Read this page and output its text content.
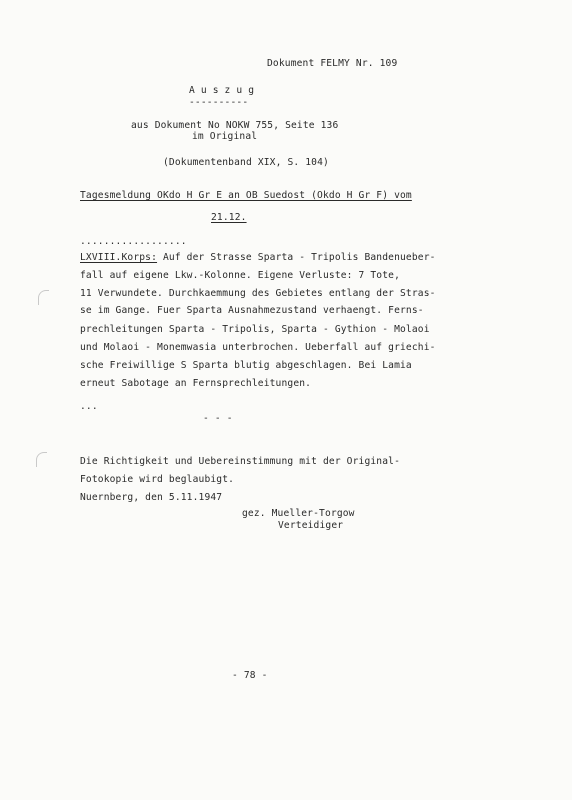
Dokument FELMY Nr. 109
A u s z u g
----------
aus Dokument No NOKW 755, Seite 136
im Original
(Dokumentenband XIX, S. 104)
Tagesmeldung OKdo H Gr E an OB Suedost (Okdo H Gr F) vom
21.12.
..................
LXVIII.Korps: Auf der Strasse Sparta - Tripolis Bandenueber-
fall auf eigene Lkw.-Kolonne. Eigene Verluste: 7 Tote,
11 Verwundete. Durchkaemmung des Gebietes entlang der Stras-
se im Gange. Fuer Sparta Ausnahmezustand verhaengt. Ferns-
prechleitungen Sparta - Tripolis, Sparta - Gythion - Molaoi
und Molaoi - Monemwasia unterbrochen. Ueberfall auf griechi-
sche Freiwillige S Sparta blutig abgeschlagen. Bei Lamia
erneut Sabotage an Fernsprechleitungen.
...
- - -
Die Richtigkeit und Uebereinstimmung mit der Original-
Fotokopie wird beglaubigt.
Nuernberg, den 5.11.1947
gez. Mueller-Torgow
Verteidiger
- 78 -
